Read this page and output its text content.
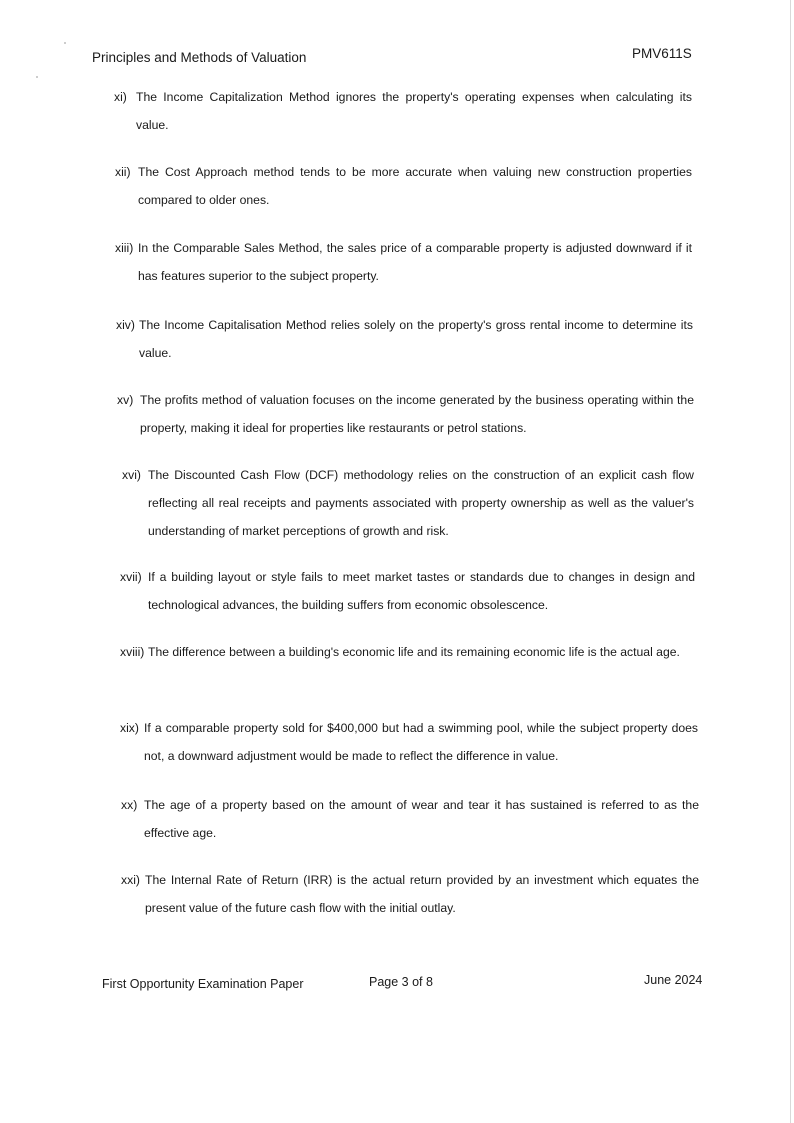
Principles and Methods of Valuation	PMV611S
xi) The Income Capitalization Method ignores the property's operating expenses when calculating its value.
xii) The Cost Approach method tends to be more accurate when valuing new construction properties compared to older ones.
xiii) In the Comparable Sales Method, the sales price of a comparable property is adjusted downward if it has features superior to the subject property.
xiv) The Income Capitalisation Method relies solely on the property's gross rental income to determine its value.
xv) The profits method of valuation focuses on the income generated by the business operating within the property, making it ideal for properties like restaurants or petrol stations.
xvi) The Discounted Cash Flow (DCF) methodology relies on the construction of an explicit cash flow reflecting all real receipts and payments associated with property ownership as well as the valuer's understanding of market perceptions of growth and risk.
xvii) If a building layout or style fails to meet market tastes or standards due to changes in design and technological advances, the building suffers from economic obsolescence.
xviii) The difference between a building's economic life and its remaining economic life is the actual age.
xix) If a comparable property sold for $400,000 but had a swimming pool, while the subject property does not, a downward adjustment would be made to reflect the difference in value.
xx) The age of a property based on the amount of wear and tear it has sustained is referred to as the effective age.
xxi) The Internal Rate of Return (IRR) is the actual return provided by an investment which equates the present value of the future cash flow with the initial outlay.
First Opportunity Examination Paper	Page 3 of 8	June 2024
